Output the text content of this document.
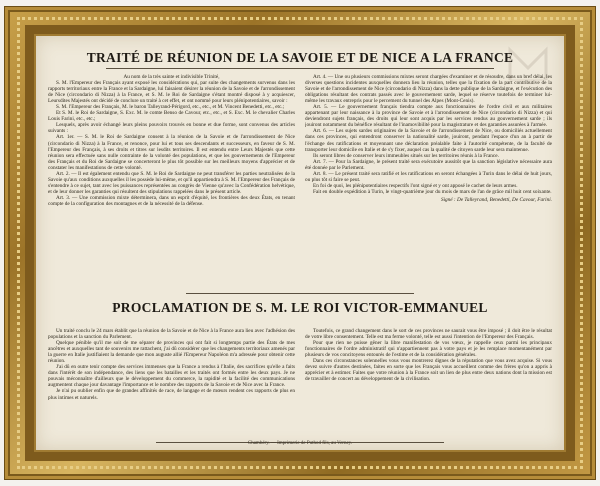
TRAITÉ DE RÉUNION DE LA SAVOIE ET DE NICE A LA FRANCE

Au nom de la très sainte et indivisible Trinité,

S. M. l'Empereur des Français ayant exposé les considérations qui, par suite des changements survenus dans les rapports territoriaux entre la France et la Sardaigne, lui faisaient désirer la réunion de la Savoie et de l'arrondissement de Nice (circondario di Nizza) à la France, et S. M. le Roi de Sardaigne s'étant montré disposé à y acquiescer, Leursdites Majestés ont décidé de conclure un traité à cet effet, et ont nommé pour leurs plénipotentiaires, savoir :

S. M. l'Empereur des Français, M. le baron Talleyrand-Périgord, etc., etc., et M. Vincent Benedetti, etc., etc.;

Et S. M. le Roi de Sardaigne, S. Exc. M. le comte Benso de Cavour, etc., etc., et S. Exc. M. le chevalier Charles Louis Farini, etc., etc.;

Lesquels, après avoir échangé leurs pleins pouvoirs trouvés en bonne et due forme, sont convenus des articles suivants :

Art. 1er. — S. M. le Roi de Sardaigne consent à la réunion de la Savoie et de l'arrondissement de Nice (circondario di Nizza) à la France, et renonce, pour lui et tous ses descendants et successeurs, en faveur de S. M. l'Empereur des Français, à ses droits et titres sur lesdits territoires. Il est entendu entre Leurs Majestés que cette réunion sera effectuée sans nulle contrainte de la volonté des populations, et que les gouvernements de l'Empereur des Français et du Roi de Sardaigne se concerteront le plus tôt possible sur les meilleurs moyens d'apprécier et de constater les manifestations de cette volonté.

Art. 2. — Il est également entendu que S. M. le Roi de Sardaigne ne peut transférer les parties neutralisées de la Savoie qu'aux conditions auxquelles il les possède lui-même, et qu'il appartiendra à S. M. l'Empereur des Français de s'entendre à ce sujet, tant avec les puissances représentées au congrès de Vienne qu'avec la Confédération helvétique, et de leur donner les garanties qui résultent des stipulations rappelées dans le présent article.

Art. 3. — Une commission mixte déterminera, dans un esprit d'équité, les frontières des deux États, en tenant compte de la configuration des montagnes et de la nécessité de la défense.

Art. 4. — Une ou plusieurs commissions mixtes seront chargées d'examiner et de résoudre, dans un bref délai, les diverses questions incidentes auxquelles donnera lieu la réunion, telles que la fixation de la part contributive de la Savoie et de l'arrondissement de Nice (circondario di Nizza) dans la dette publique de la Sardaigne, et l'exécution des obligations résultant des contrats passés avec le gouvernement sarde, lequel se réserve toutefois de terminer lui-même les travaux entrepris pour le percement du tunnel des Alpes (Mont-Cenis).

Art. 5. — Le gouvernement français tiendra compte aux fonctionnaires de l'ordre civil et aux militaires appartenant par leur naissance à la province de Savoie et à l'arrondissement de Nice (circondario di Nizza) et qui deviendront sujets français, des droits qui leur sont acquis par les services rendus au gouvernement sarde ; ils jouiront notamment du bénéfice résultant de l'inamovibilité pour la magistrature et des garanties assurées à l'armée.

Art. 6. — Les sujets sardes originaires de la Savoie et de l'arrondissement de Nice, ou domiciliés actuellement dans ces provinces, qui entendront conserver la nationalité sarde, jouiront, pendant l'espace d'un an à partir de l'échange des ratifications et moyennant une déclaration préalable faite à l'autorité compétente, de la faculté de transporter leur domicile en Italie et de s'y fixer, auquel cas la qualité de citoyen sarde leur sera maintenue.

Ils seront libres de conserver leurs immeubles situés sur les territoires réunis à la France.

Art. 7. — Pour la Sardaigne, le présent traité sera exécutoire aussitôt que la sanction législative nécessaire aura été donnée par le Parlement.

Art. 8. — Le présent traité sera ratifié et les ratifications en seront échangées à Turin dans le délai de huit jours, ou plus tôt si faire se peut.

En foi de quoi, les plénipotentiaires respectifs l'ont signé et y ont apposé le cachet de leurs armes.

Fait en double expédition à Turin, le vingt-quatrième jour du mois de mars de l'an de grâce mil huit cent soixante.

Signé : De Talleyrand, Benedetti, De Cavour, Farini.

PROCLAMATION DE S. M. LE ROI VICTOR-EMMANUEL

Un traité conclu le 24 mars établit que la réunion de la Savoie et de Nice à la France aura lieu avec l'adhésion des populations et la sanction du Parlement.

Quelque pénible qu'il me soit de me séparer de provinces qui ont fait si longtemps partie des États de mes ancêtres et auxquelles tant de souvenirs me rattachent, j'ai dû considérer que les changements territoriaux amenés par la guerre en Italie justifiaient la demande que mon auguste allié l'Empereur Napoléon m'a adressée pour obtenir cette réunion.

J'ai dû en outre tenir compte des services immenses que la France a rendus à l'Italie, des sacrifices qu'elle a faits dans l'intérêt de son indépendance, des liens que les batailles et les traités ont formés entre les deux pays. Je ne pouvais méconnaître d'ailleurs que le développement du commerce, la rapidité et la facilité des communications augmentent chaque jour davantage l'importance et le nombre des rapports de la Savoie et de Nice avec la France.

Je n'ai pu oublier enfin que de grandes affinités de race, de langage et de mœurs rendent ces rapports de plus en plus intimes et naturels.

Toutefois, ce grand changement dans le sort de ces provinces ne saurait vous être imposé ; il doit être le résultat de votre libre consentement. Telle est ma ferme volonté, telle est aussi l'intention de l'Empereur des Français.

Pour que rien ne puisse gêner la libre manifestation de vos vœux, je rappelle ceux parmi les principaux fonctionnaires de l'ordre administratif qui n'appartiennent pas à votre pays et je les remplace momentanément par plusieurs de vos concitoyens entourés de l'estime et de la considération générales.

Dans ces circonstances solennelles vous vous montrerez dignes de la réputation que vous avez acquise. Si vous devez suivre d'autres destinées, faites en sorte que les Français vous accueillent comme des frères qu'on a appris à apprécier et à estimer. Faites que votre réunion à la France soit un lien de plus entre deux nations dont la mission est de travailler de concert au développement de la civilisation.

Chambéry. — Imprimerie de Puthod fils, au Verney.
